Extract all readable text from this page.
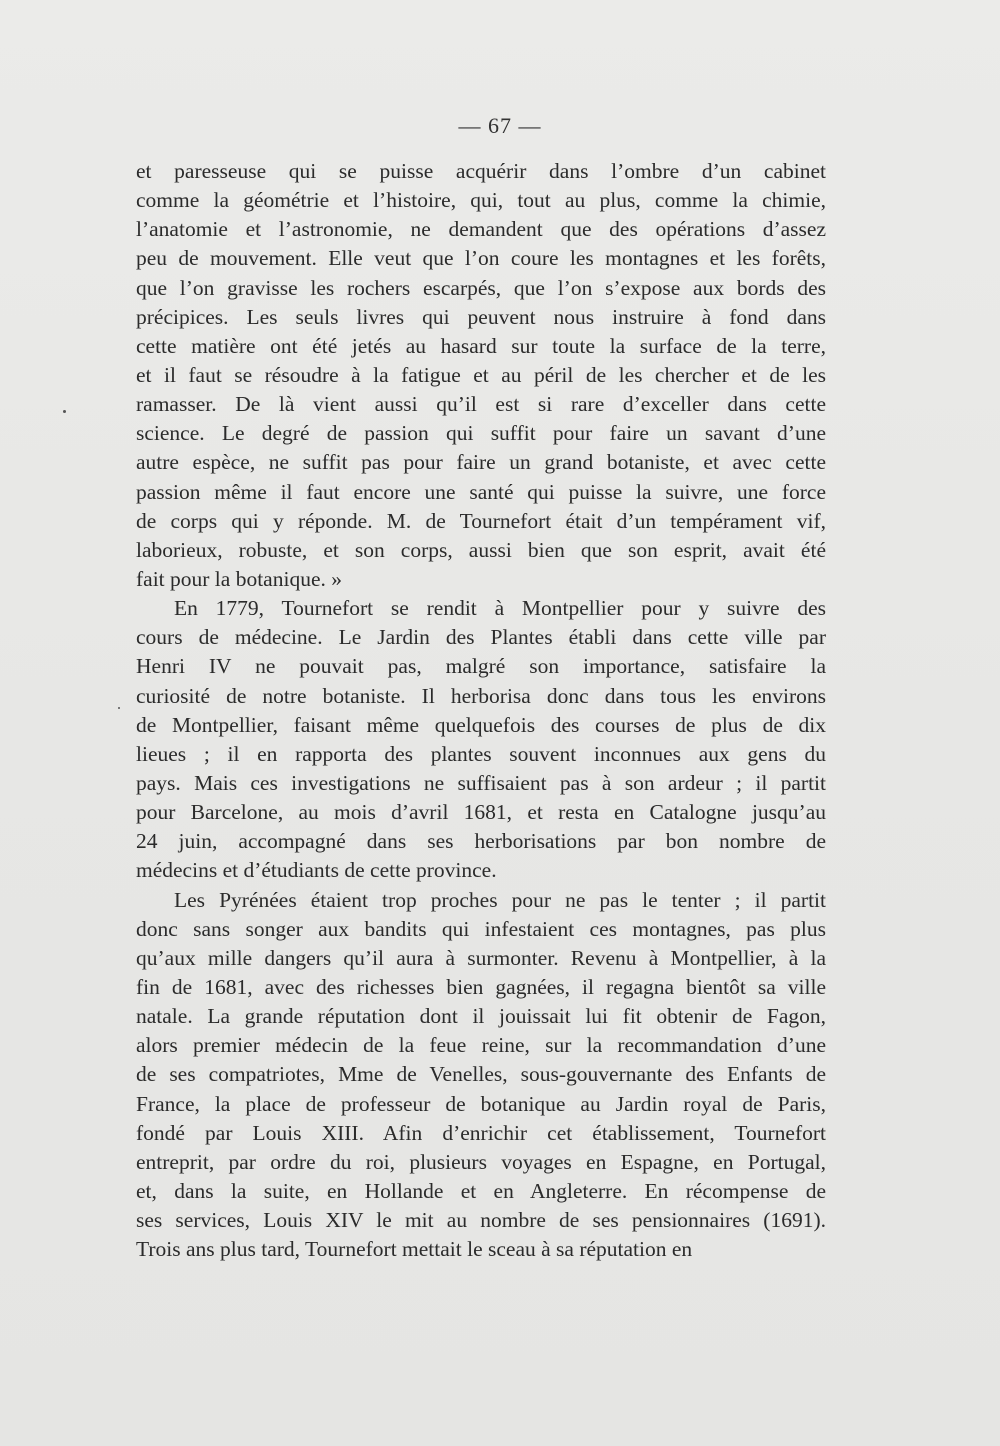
— 67 —
et paresseuse qui se puisse acquérir dans l’ombre d’un cabinet
comme la géométrie et l’histoire, qui, tout au plus, comme la chimie,
l’anatomie et l’astronomie, ne demandent que des opérations d’assez
peu de mouvement. Elle veut que l’on coure les montagnes et les forêts,
que l’on gravisse les rochers escarpés, que l’on s’expose aux bords des
précipices. Les seuls livres qui peuvent nous instruire à fond dans
cette matière ont été jetés au hasard sur toute la surface de la terre,
et il faut se résoudre à la fatigue et au péril de les chercher et de les
ramasser. De là vient aussi qu’il est si rare d’exceller dans cette
science. Le degré de passion qui suffit pour faire un savant d’une
autre espèce, ne suffit pas pour faire un grand botaniste, et avec cette
passion même il faut encore une santé qui puisse la suivre, une force
de corps qui y réponde. M. de Tournefort était d’un tempérament vif,
laborieux, robuste, et son corps, aussi bien que son esprit, avait été
fait pour la botanique. »
En 1779, Tournefort se rendit à Montpellier pour y suivre des
cours de médecine. Le Jardin des Plantes établi dans cette ville par
Henri IV ne pouvait pas, malgré son importance, satisfaire la
curiosité de notre botaniste. Il herborisa donc dans tous les environs
de Montpellier, faisant même quelquefois des courses de plus de dix
lieues ; il en rapporta des plantes souvent inconnues aux gens du
pays. Mais ces investigations ne suffisaient pas à son ardeur ; il partit
pour Barcelone, au mois d’avril 1681, et resta en Catalogne jusqu’au
24 juin, accompagné dans ses herborisations par bon nombre de
médecins et d’étudiants de cette province.
Les Pyrénées étaient trop proches pour ne pas le tenter ; il partit
donc sans songer aux bandits qui infestaient ces montagnes, pas plus
qu’aux mille dangers qu’il aura à surmonter. Revenu à Montpellier, à la
fin de 1681, avec des richesses bien gagnées, il regagna bientôt sa ville
natale. La grande réputation dont il jouissait lui fit obtenir de Fagon,
alors premier médecin de la feue reine, sur la recommandation d’une
de ses compatriotes, Mme de Venelles, sous-gouvernante des Enfants de
France, la place de professeur de botanique au Jardin royal de Paris,
fondé par Louis XIII. Afin d’enrichir cet établissement, Tournefort
entreprit, par ordre du roi, plusieurs voyages en Espagne, en Portugal,
et, dans la suite, en Hollande et en Angleterre. En récompense de
ses services, Louis XIV le mit au nombre de ses pensionnaires (1691).
Trois ans plus tard, Tournefort mettait le sceau à sa réputation en
